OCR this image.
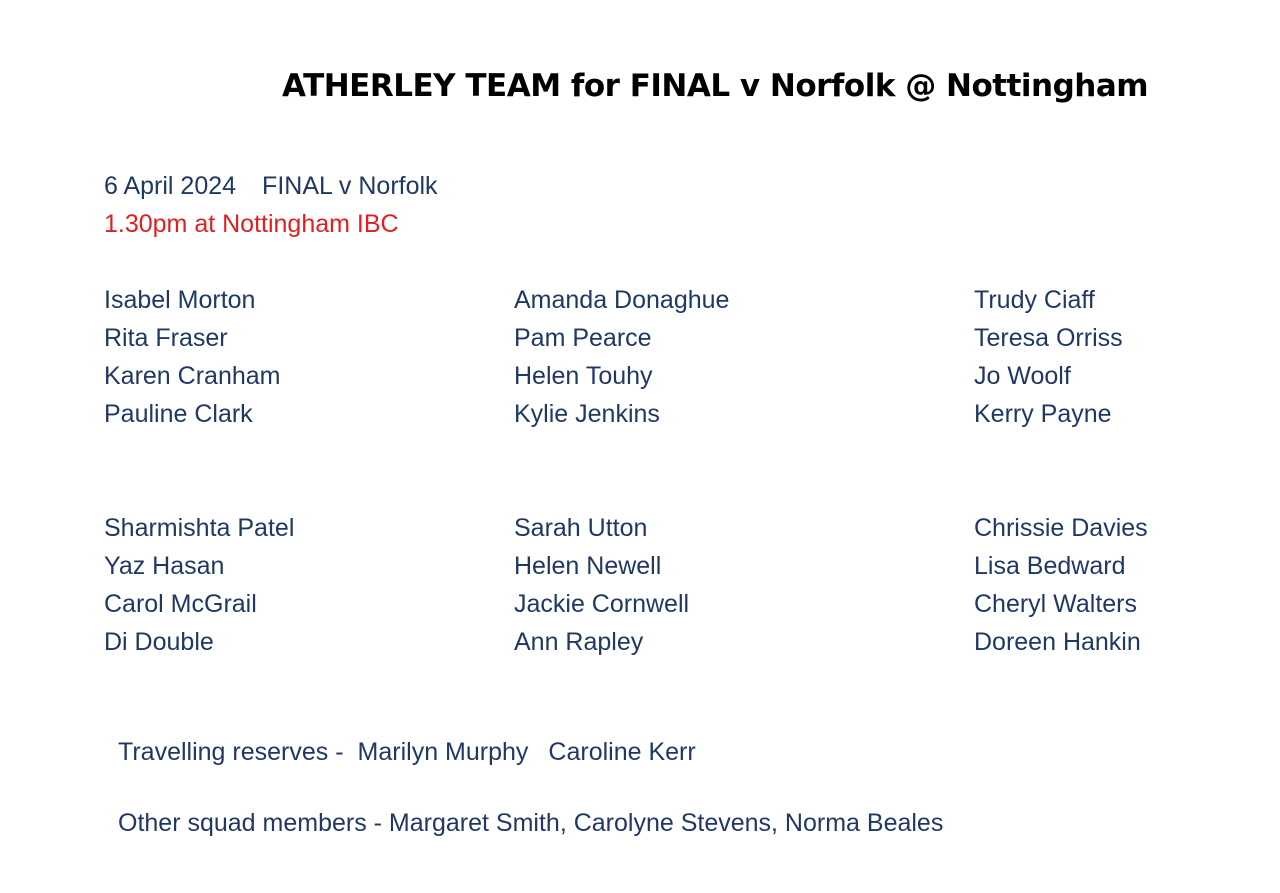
ATHERLEY TEAM for FINAL v Norfolk @ Nottingham
6 April 2024 FINAL v Norfolk
1.30pm at Nottingham IBC
Isabel Morton
Rita Fraser
Karen Cranham
Pauline Clark
Amanda Donaghue
Pam Pearce
Helen Touhy
Kylie Jenkins
Trudy Ciaff
Teresa Orriss
Jo Woolf
Kerry Payne
Sharmishta Patel
Yaz Hasan
Carol McGrail
Di Double
Sarah Utton
Helen Newell
Jackie Cornwell
Ann Rapley
Chrissie Davies
Lisa Bedward
Cheryl Walters
Doreen Hankin
Travelling reserves - Marilyn Murphy Caroline Kerr
Other squad members - Margaret Smith, Carolyne Stevens, Norma Beales
